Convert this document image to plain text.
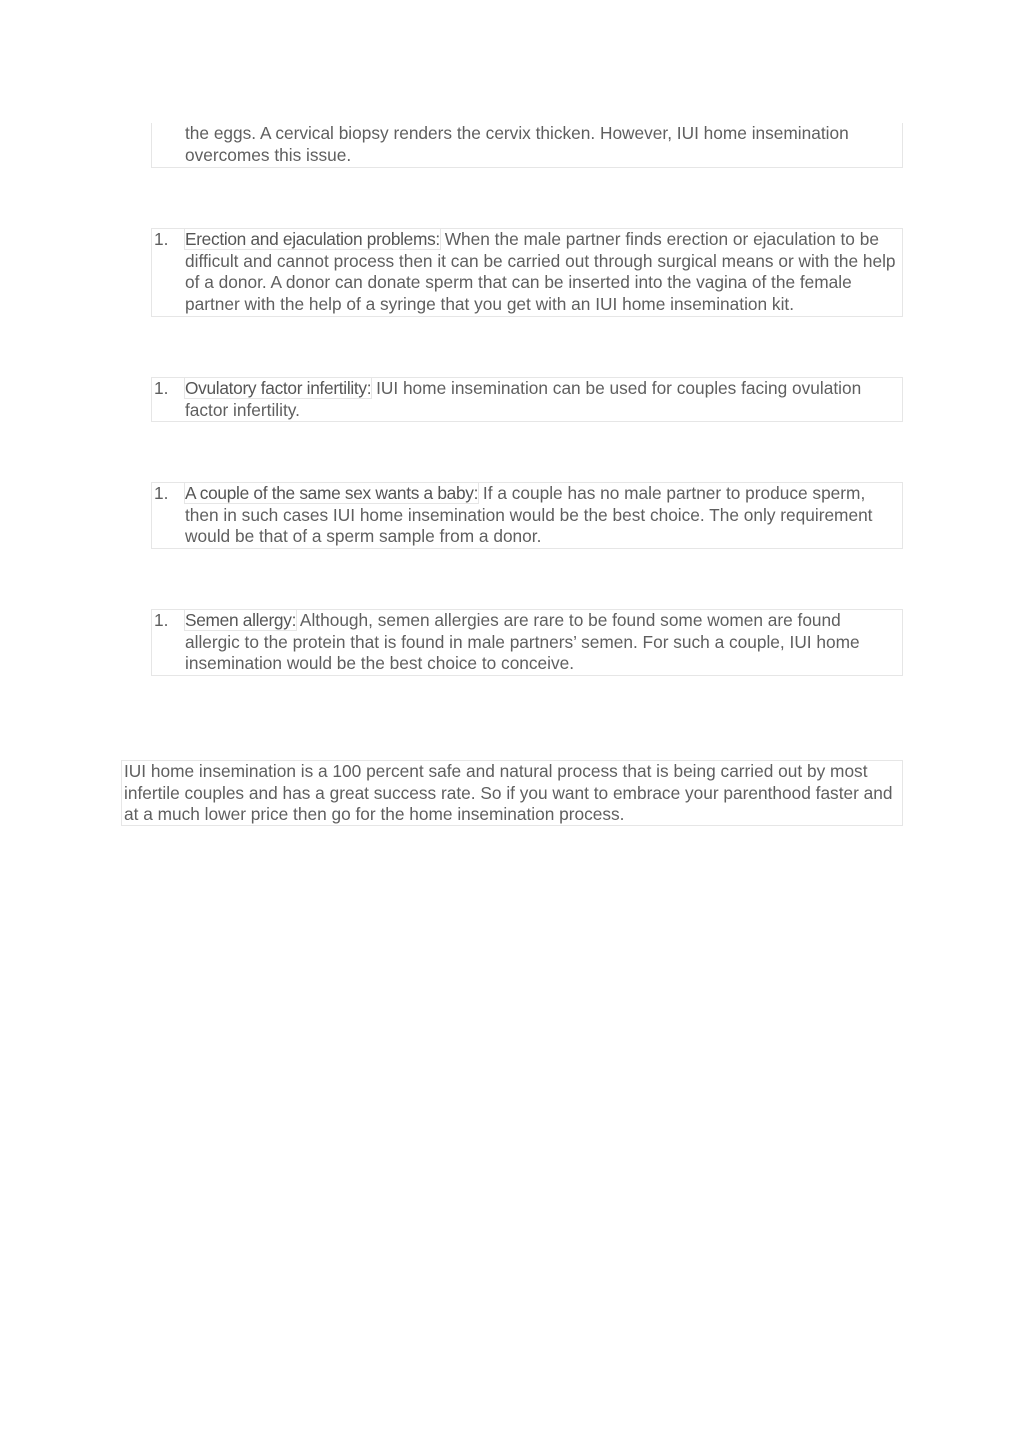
the eggs. A cervical biopsy renders the cervix thicken. However, IUI home insemination overcomes this issue.
1. Erection and ejaculation problems: When the male partner finds erection or ejaculation to be difficult and cannot process then it can be carried out through surgical means or with the help of a donor. A donor can donate sperm that can be inserted into the vagina of the female partner with the help of a syringe that you get with an IUI home insemination kit.
1. Ovulatory factor infertility: IUI home insemination can be used for couples facing ovulation factor infertility.
1. A couple of the same sex wants a baby: If a couple has no male partner to produce sperm, then in such cases IUI home insemination would be the best choice. The only requirement would be that of a sperm sample from a donor.
1. Semen allergy: Although, semen allergies are rare to be found some women are found allergic to the protein that is found in male partners’ semen. For such a couple, IUI home insemination would be the best choice to conceive.
IUI home insemination is a 100 percent safe and natural process that is being carried out by most infertile couples and has a great success rate. So if you want to embrace your parenthood faster and at a much lower price then go for the home insemination process.
